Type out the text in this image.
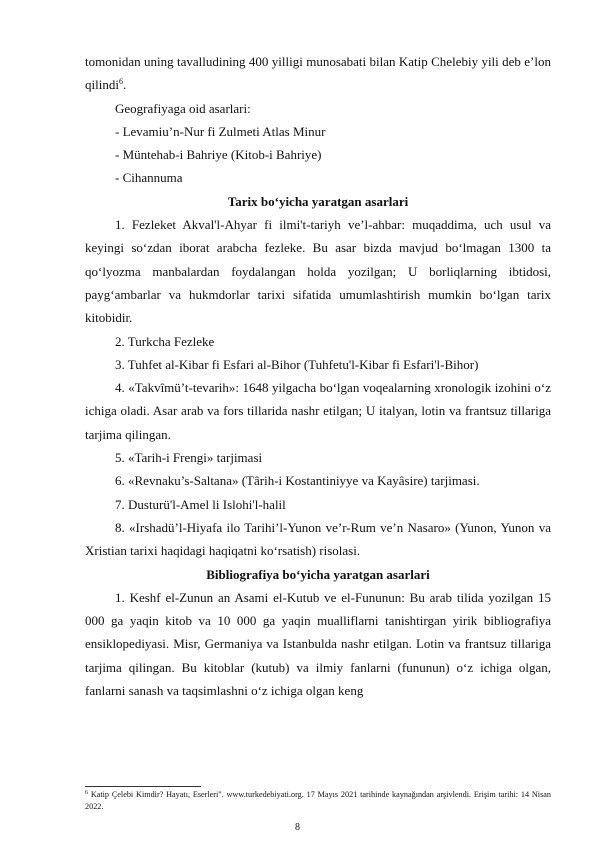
tomonidan uning tavalludining 400 yilligi munosabati bilan Katip Chelebiy yili deb e’lon qilindi$^6$.

Geografiyaga oid asarlari:

- Levamiu’n-Nur fi Zulmeti Atlas Minur

- Müntehab-i Bahriye (Kitob-i Bahriye)

- Cihannuma

Tarix bo‘yicha yaratgan asarlari

1. Fezleket Akval'l-Ahyar fi ilmi't-tariyh ve’l-ahbar: muqaddima, uch usul va keyingi so‘zdan iborat arabcha fezleke. Bu asar bizda mavjud bo‘lmagan 1300 ta qo‘lyozma manbalardan foydalangan holda yozilgan; U borliqlarning ibtidosi, payg‘ambarlar va hukmdorlar tarixi sifatida umumlashtirish mumkin bo‘lgan tarix kitobidir.

2. Turkcha Fezleke

3. Tuhfet al-Kibar fi Esfari al-Bihor (Tuhfetu'l-Kibar fi Esfari'l-Bihor)

4. «Takvîmü’t-tevarih»: 1648 yilgacha bo‘lgan voqealarning xronologik izohini o‘z ichiga oladi. Asar arab va fors tillarida nashr etilgan; U italyan, lotin va frantsuz tillariga tarjima qilingan.

5. «Tarih-i Frengi» tarjimasi

6. «Revnaku’s-Saltana» (Târih-i Kostantiniyye va Kayâsire) tarjimasi.

7. Dusturü'l-Amel li Islohi'l-halil

8. «Irshadü’l-Hiyafa ilo Tarihi’l-Yunon ve’r-Rum ve’n Nasaro» (Yunon, Yunon va Xristian tarixi haqidagi haqiqatni ko‘rsatish) risolasi.

Bibliografiya bo‘yicha yaratgan asarlari

1. Keshf el-Zunun an Asami el-Kutub ve el-Fununun: Bu arab tilida yozilgan 15 000 ga yaqin kitob va 10 000 ga yaqin mualliflarni tanishtirgan yirik bibliografiya ensiklopediyasi. Misr, Germaniya va Istanbulda nashr etilgan. Lotin va frantsuz tillariga tarjima qilingan. Bu kitoblar (kutub) va ilmiy fanlarni (fununun) o‘z ichiga olgan, fanlarni sanash va taqsimlashni o‘z ichiga olgan keng

$^6$ Katip Çelebi Kimdir? Hayatı, Eserleri". www.turkedebiyati.org. 17 Mayıs 2021 tarihinde kaynağından arşivlendi. Erişim tarihi: 14 Nisan 2022.
8
